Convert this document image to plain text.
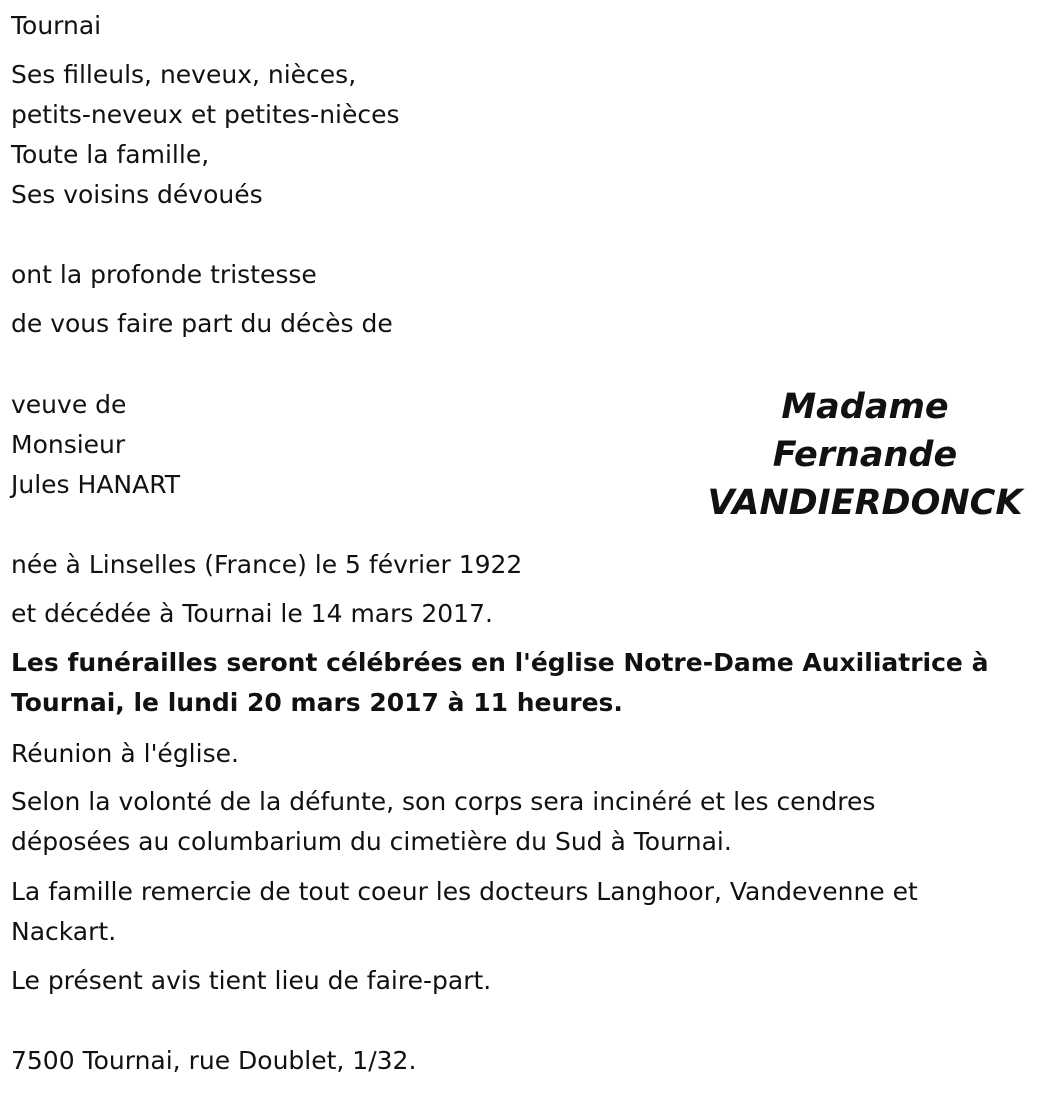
Tournai
Ses filleuls, neveux, nièces,
petits-neveux et petites-nièces
Toute la famille,
Ses voisins dévoués
ont la profonde tristesse
de vous faire part du décès de
veuve de
Monsieur
Jules HANART
Madame
Fernande
VANDIERDONCK
née à Linselles (France) le 5 février 1922
et décédée à Tournai le 14 mars 2017.
Les funérailles seront célébrées en l'église Notre-Dame Auxiliatrice à
Tournai, le lundi 20 mars 2017 à 11 heures.
Réunion à l'église.
Selon la volonté de la défunte, son corps sera incinéré et les cendres
déposées au columbarium du cimetière du Sud à Tournai.
La famille remercie de tout coeur les docteurs Langhoor, Vandevenne et
Nackart.
Le présent avis tient lieu de faire-part.
7500 Tournai, rue Doublet, 1/32.
